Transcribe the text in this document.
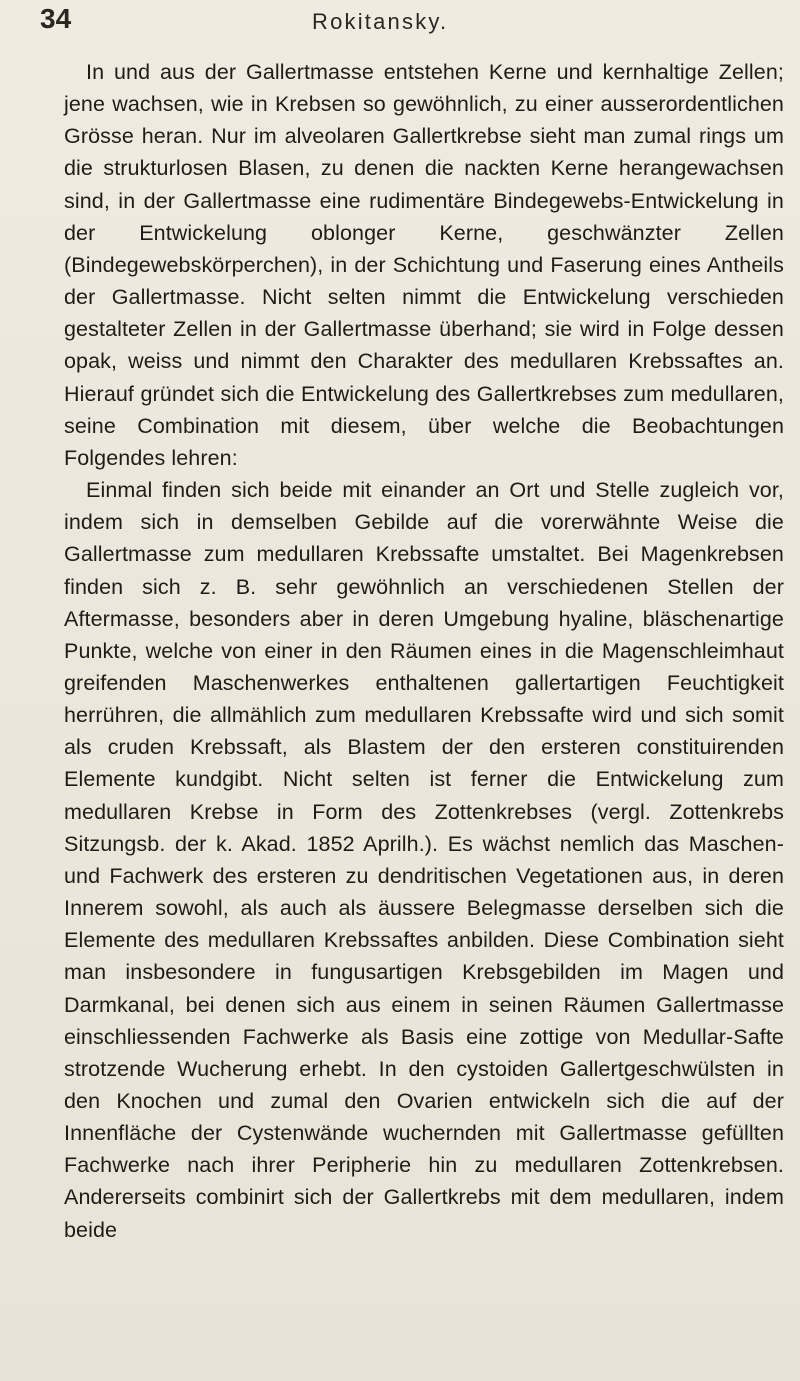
34	Rokitansky.

In und aus der Gallertmasse entstehen Kerne und kernhaltige Zellen; jene wachsen, wie in Krebsen so gewöhnlich, zu einer ausserordentlichen Grösse heran. Nur im alveolaren Gallertkrebse sieht man zumal rings um die strukturlosen Blasen, zu denen die nackten Kerne herangewachsen sind, in der Gallertmasse eine rudimentäre Bindegewebs-Entwickelung in der Entwickelung oblonger Kerne, geschwänzter Zellen (Bindegewebskörperchen), in der Schichtung und Faserung eines Antheils der Gallertmasse. Nicht selten nimmt die Entwickelung verschieden gestalteter Zellen in der Gallertmasse überhand; sie wird in Folge dessen opak, weiss und nimmt den Charakter des medullaren Krebssaftes an. Hierauf gründet sich die Entwickelung des Gallertkrebses zum medullaren, seine Combination mit diesem, über welche die Beobachtungen Folgendes lehren:

Einmal finden sich beide mit einander an Ort und Stelle zugleich vor, indem sich in demselben Gebilde auf die vorerwähnte Weise die Gallertmasse zum medullaren Krebssafte umstaltet. Bei Magenkrebsen finden sich z. B. sehr gewöhnlich an verschiedenen Stellen der Aftermasse, besonders aber in deren Umgebung hyaline, bläschenartige Punkte, welche von einer in den Räumen eines in die Magenschleimhaut greifenden Maschenwerkes enthaltenen gallertartigen Feuchtigkeit herrühren, die allmählich zum medullaren Krebssafte wird und sich somit als cruden Krebssaft, als Blastem der den ersteren constituirenden Elemente kundgibt. Nicht selten ist ferner die Entwickelung zum medullaren Krebse in Form des Zottenkrebses (vergl. Zottenkrebs Sitzungsb. der k. Akad. 1852 Aprilh.). Es wächst nemlich das Maschen- und Fachwerk des ersteren zu dendritischen Vegetationen aus, in deren Innerem sowohl, als auch als äussere Belegmasse derselben sich die Elemente des medullaren Krebssaftes anbilden. Diese Combination sieht man insbesondere in fungusartigen Krebsgebilden im Magen und Darmkanal, bei denen sich aus einem in seinen Räumen Gallertmasse einschliessenden Fachwerke als Basis eine zottige von Medullar-Safte strotzende Wucherung erhebt. In den cystoiden Gallertgeschwülsten in den Knochen und zumal den Ovarien entwickeln sich die auf der Innenfläche der Cystenwände wuchernden mit Gallertmasse gefüllten Fachwerke nach ihrer Peripherie hin zu medullaren Zottenkrebsen. Andererseits combinirt sich der Gallertkrebs mit dem medullaren, indem beide
